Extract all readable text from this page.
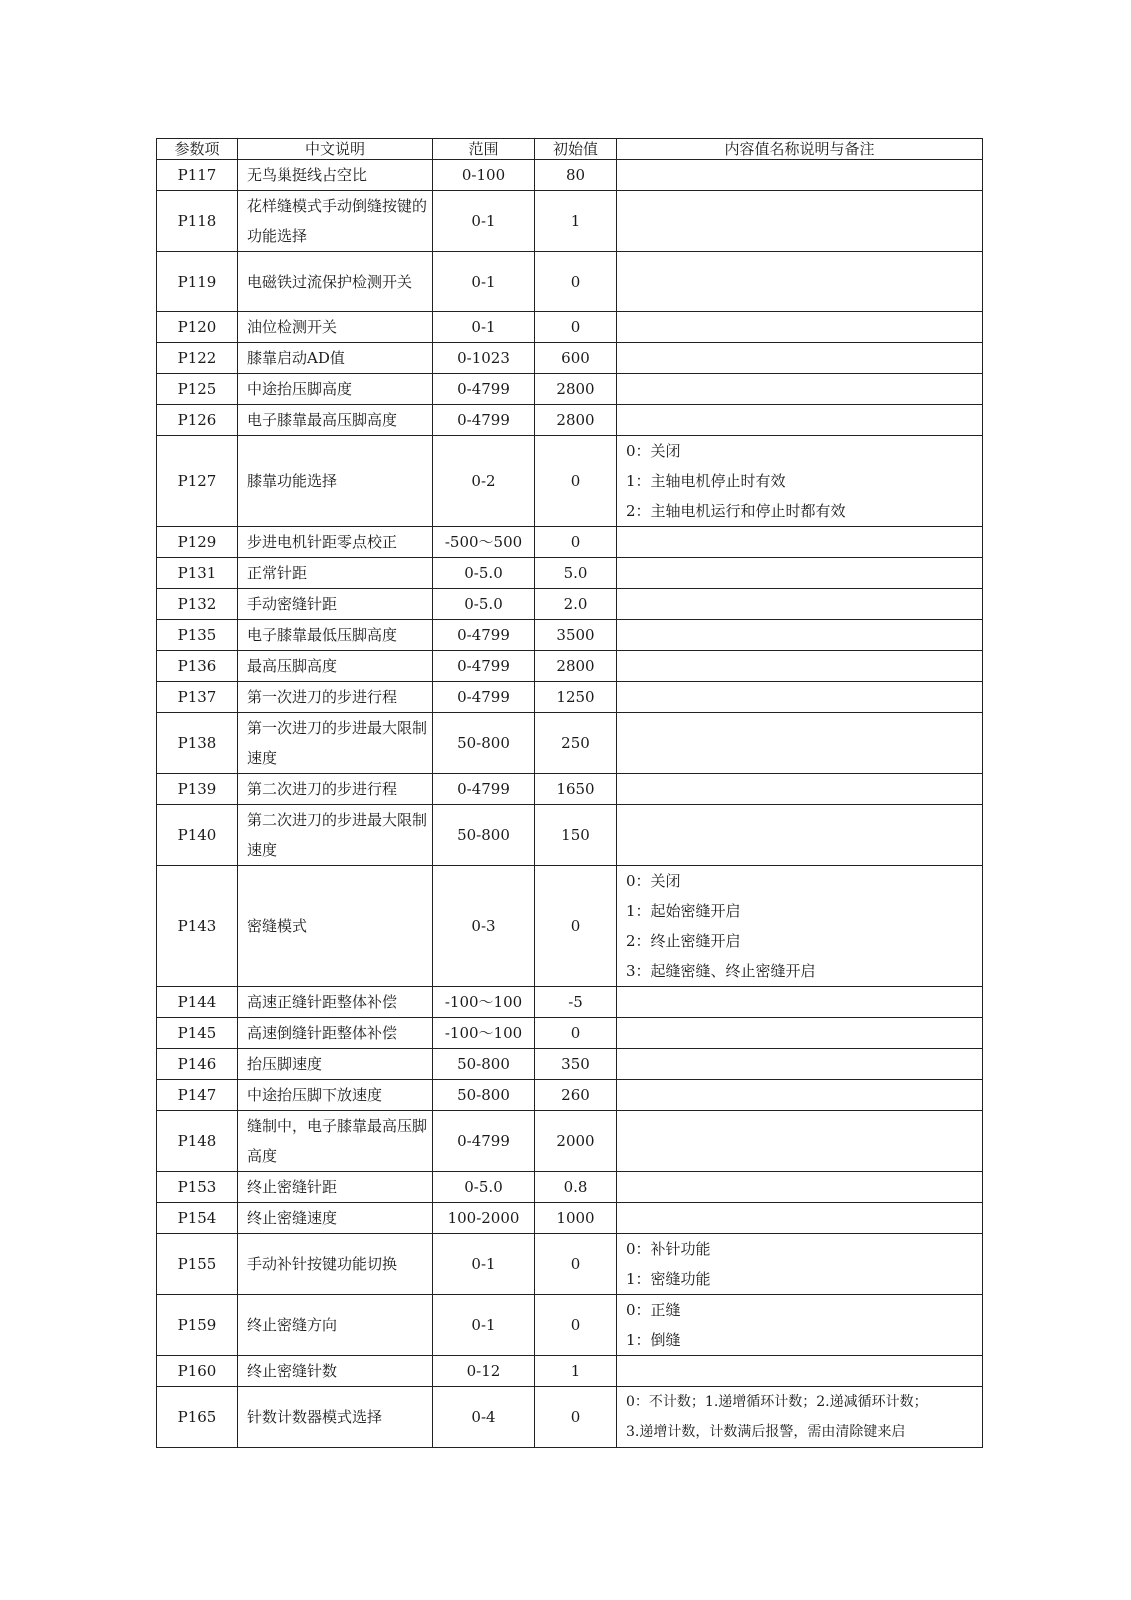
参数项	中文说明	范围	初始值	内容值名称说明与备注
P117	无鸟巢挺线占空比	0-100	80	
P118	花样缝模式手动倒缝按键的功能选择	0-1	1	
P119	电磁铁过流保护检测开关	0-1	0	
P120	油位检测开关	0-1	0	
P122	膝靠启动AD值	0-1023	600	
P125	中途抬压脚高度	0-4799	2800	
P126	电子膝靠最高压脚高度	0-4799	2800	
P127	膝靠功能选择	0-2	0	0：关闭
1：主轴电机停止时有效
2：主轴电机运行和停止时都有效

P129	步进电机针距零点校正	-500～500	0	
P131	正常针距	0-5.0	5.0	
P132	手动密缝针距	0-5.0	2.0	
P135	电子膝靠最低压脚高度	0-4799	3500	
P136	最高压脚高度	0-4799	2800	
P137	第一次进刀的步进行程	0-4799	1250	
P138	第一次进刀的步进最大限制速度	50-800	250	
P139	第二次进刀的步进行程	0-4799	1650	
P140	第二次进刀的步进最大限制速度	50-800	150	
P143	密缝模式	0-3	0	0：关闭
1：起始密缝开启
2：终止密缝开启
3：起缝密缝、终止密缝开启

P144	高速正缝针距整体补偿	-100～100	-5	
P145	高速倒缝针距整体补偿	-100～100	0	
P146	抬压脚速度	50-800	350	
P147	中途抬压脚下放速度	50-800	260	
P148	缝制中，电子膝靠最高压脚高度	0-4799	2000	
P153	终止密缝针距	0-5.0	0.8	
P154	终止密缝速度	100-2000	1000	
P155	手动补针按键功能切换	0-1	0	0：补针功能
1：密缝功能

P159	终止密缝方向	0-1	0	0：正缝
1：倒缝

P160	终止密缝针数	0-12	1	
P165	针数计数器模式选择	0-4	0	0：不计数；1.递增循环计数；2.递减循环计数；
3.递增计数，计数满后报警，需由清除键来启
